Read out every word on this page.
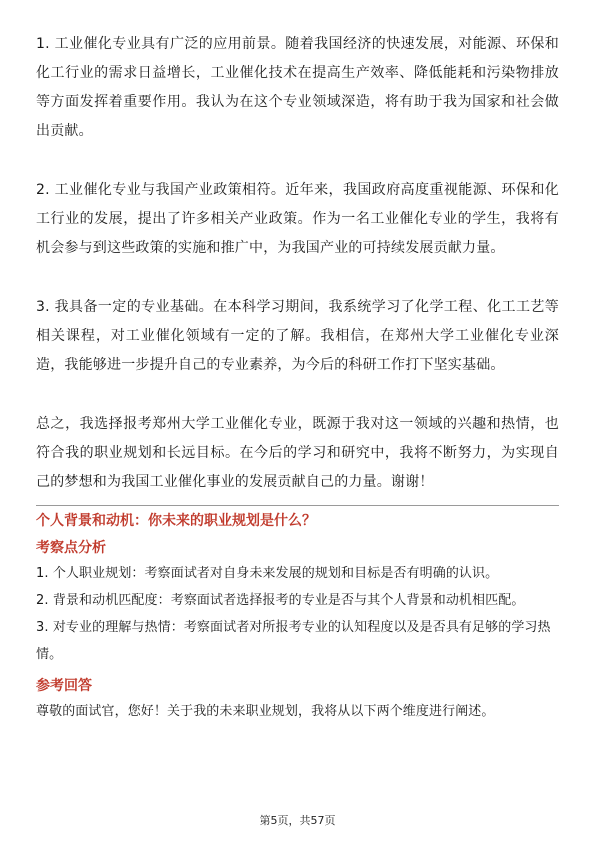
1. 工业催化专业具有广泛的应用前景。随着我国经济的快速发展，对能源、环保和化工行业的需求日益增长，工业催化技术在提高生产效率、降低能耗和污染物排放等方面发挥着重要作用。我认为在这个专业领域深造，将有助于我为国家和社会做出贡献。

2. 工业催化专业与我国产业政策相符。近年来，我国政府高度重视能源、环保和化工行业的发展，提出了许多相关产业政策。作为一名工业催化专业的学生，我将有机会参与到这些政策的实施和推广中，为我国产业的可持续发展贡献力量。

3. 我具备一定的专业基础。在本科学习期间，我系统学习了化学工程、化工工艺等相关课程，对工业催化领域有一定的了解。我相信，在郑州大学工业催化专业深造，我能够进一步提升自己的专业素养，为今后的科研工作打下坚实基础。

总之，我选择报考郑州大学工业催化专业，既源于我对这一领域的兴趣和热情，也符合我的职业规划和长远目标。在今后的学习和研究中，我将不断努力，为实现自己的梦想和为我国工业催化事业的发展贡献自己的力量。谢谢！

个人背景和动机：你未来的职业规划是什么？

考察点分析

1. 个人职业规划：考察面试者对自身未来发展的规划和目标是否有明确的认识。

2. 背景和动机匹配度：考察面试者选择报考的专业是否与其个人背景和动机相匹配。

3. 对专业的理解与热情：考察面试者对所报考专业的认知程度以及是否具有足够的学习热情。

参考回答

尊敬的面试官，您好！关于我的未来职业规划，我将从以下两个维度进行阐述。

第5页，共57页
